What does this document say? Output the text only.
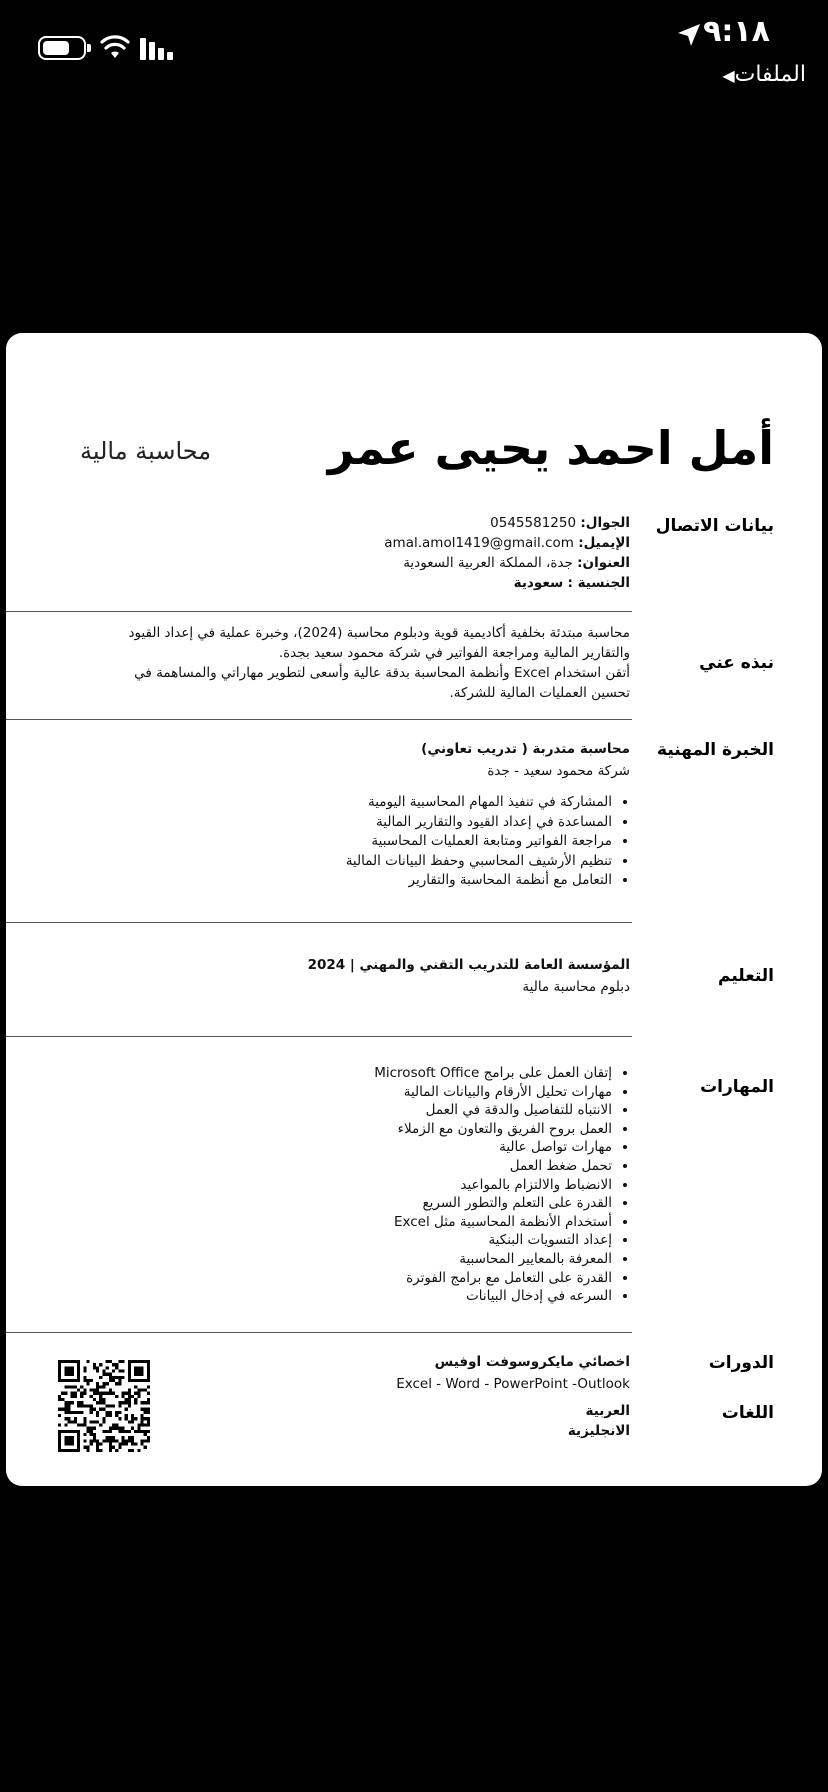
٩:١٨
الملفات◀
أمل احمد يحيى عمر
محاسبة مالية
بيانات الاتصال
الجوال: 0545581250
الإيميل: amal.amol1419@gmail.com
العنوان: جدة، المملكة العربية السعودية
الجنسية : سعودية
نبذه عني
محاسبة مبتدئة بخلفية أكاديمية قوية ودبلوم محاسبة (2024)، وخبرة عملية في إعداد القيود
والتقارير المالية ومراجعة الفواتير في شركة محمود سعيد بجدة.
أتقن استخدام Excel وأنظمة المحاسبة بدقة عالية وأسعى لتطوير مهاراتي والمساهمة في
تحسين العمليات المالية للشركة.
الخبرة المهنية
محاسبة متدربة ( تدريب تعاوني)
شركة محمود سعيد - جدة
• المشاركة في تنفيذ المهام المحاسبية اليومية
• المساعدة في إعداد القيود والتقارير المالية
• مراجعة الفواتير ومتابعة العمليات المحاسبية
• تنظيم الأرشيف المحاسبي وحفظ البيانات المالية
• التعامل مع أنظمة المحاسبة والتقارير
التعليم
المؤسسة العامة للتدريب التقني والمهني | 2024
دبلوم محاسبة مالية
المهارات
• إتقان العمل على برامج Microsoft Office
• مهارات تحليل الأرقام والبيانات المالية
• الانتباه للتفاصيل والدقة في العمل
• العمل بروح الفريق والتعاون مع الزملاء
• مهارات تواصل عالية
• تحمل ضغط العمل
• الانضباط والالتزام بالمواعيد
• القدرة على التعلم والتطور السريع
• أستخدام الأنظمة المحاسبية مثل Excel
• إعداد التسويات البنكية
• المعرفة بالمعايير المحاسبية
• القدرة على التعامل مع برامج الفوترة
• السرعه في إدخال البيانات
الدورات
اخصائي مايكروسوفت اوفيس
Excel - Word - PowerPoint -Outlook
اللغات
العربية
الانجليزية
